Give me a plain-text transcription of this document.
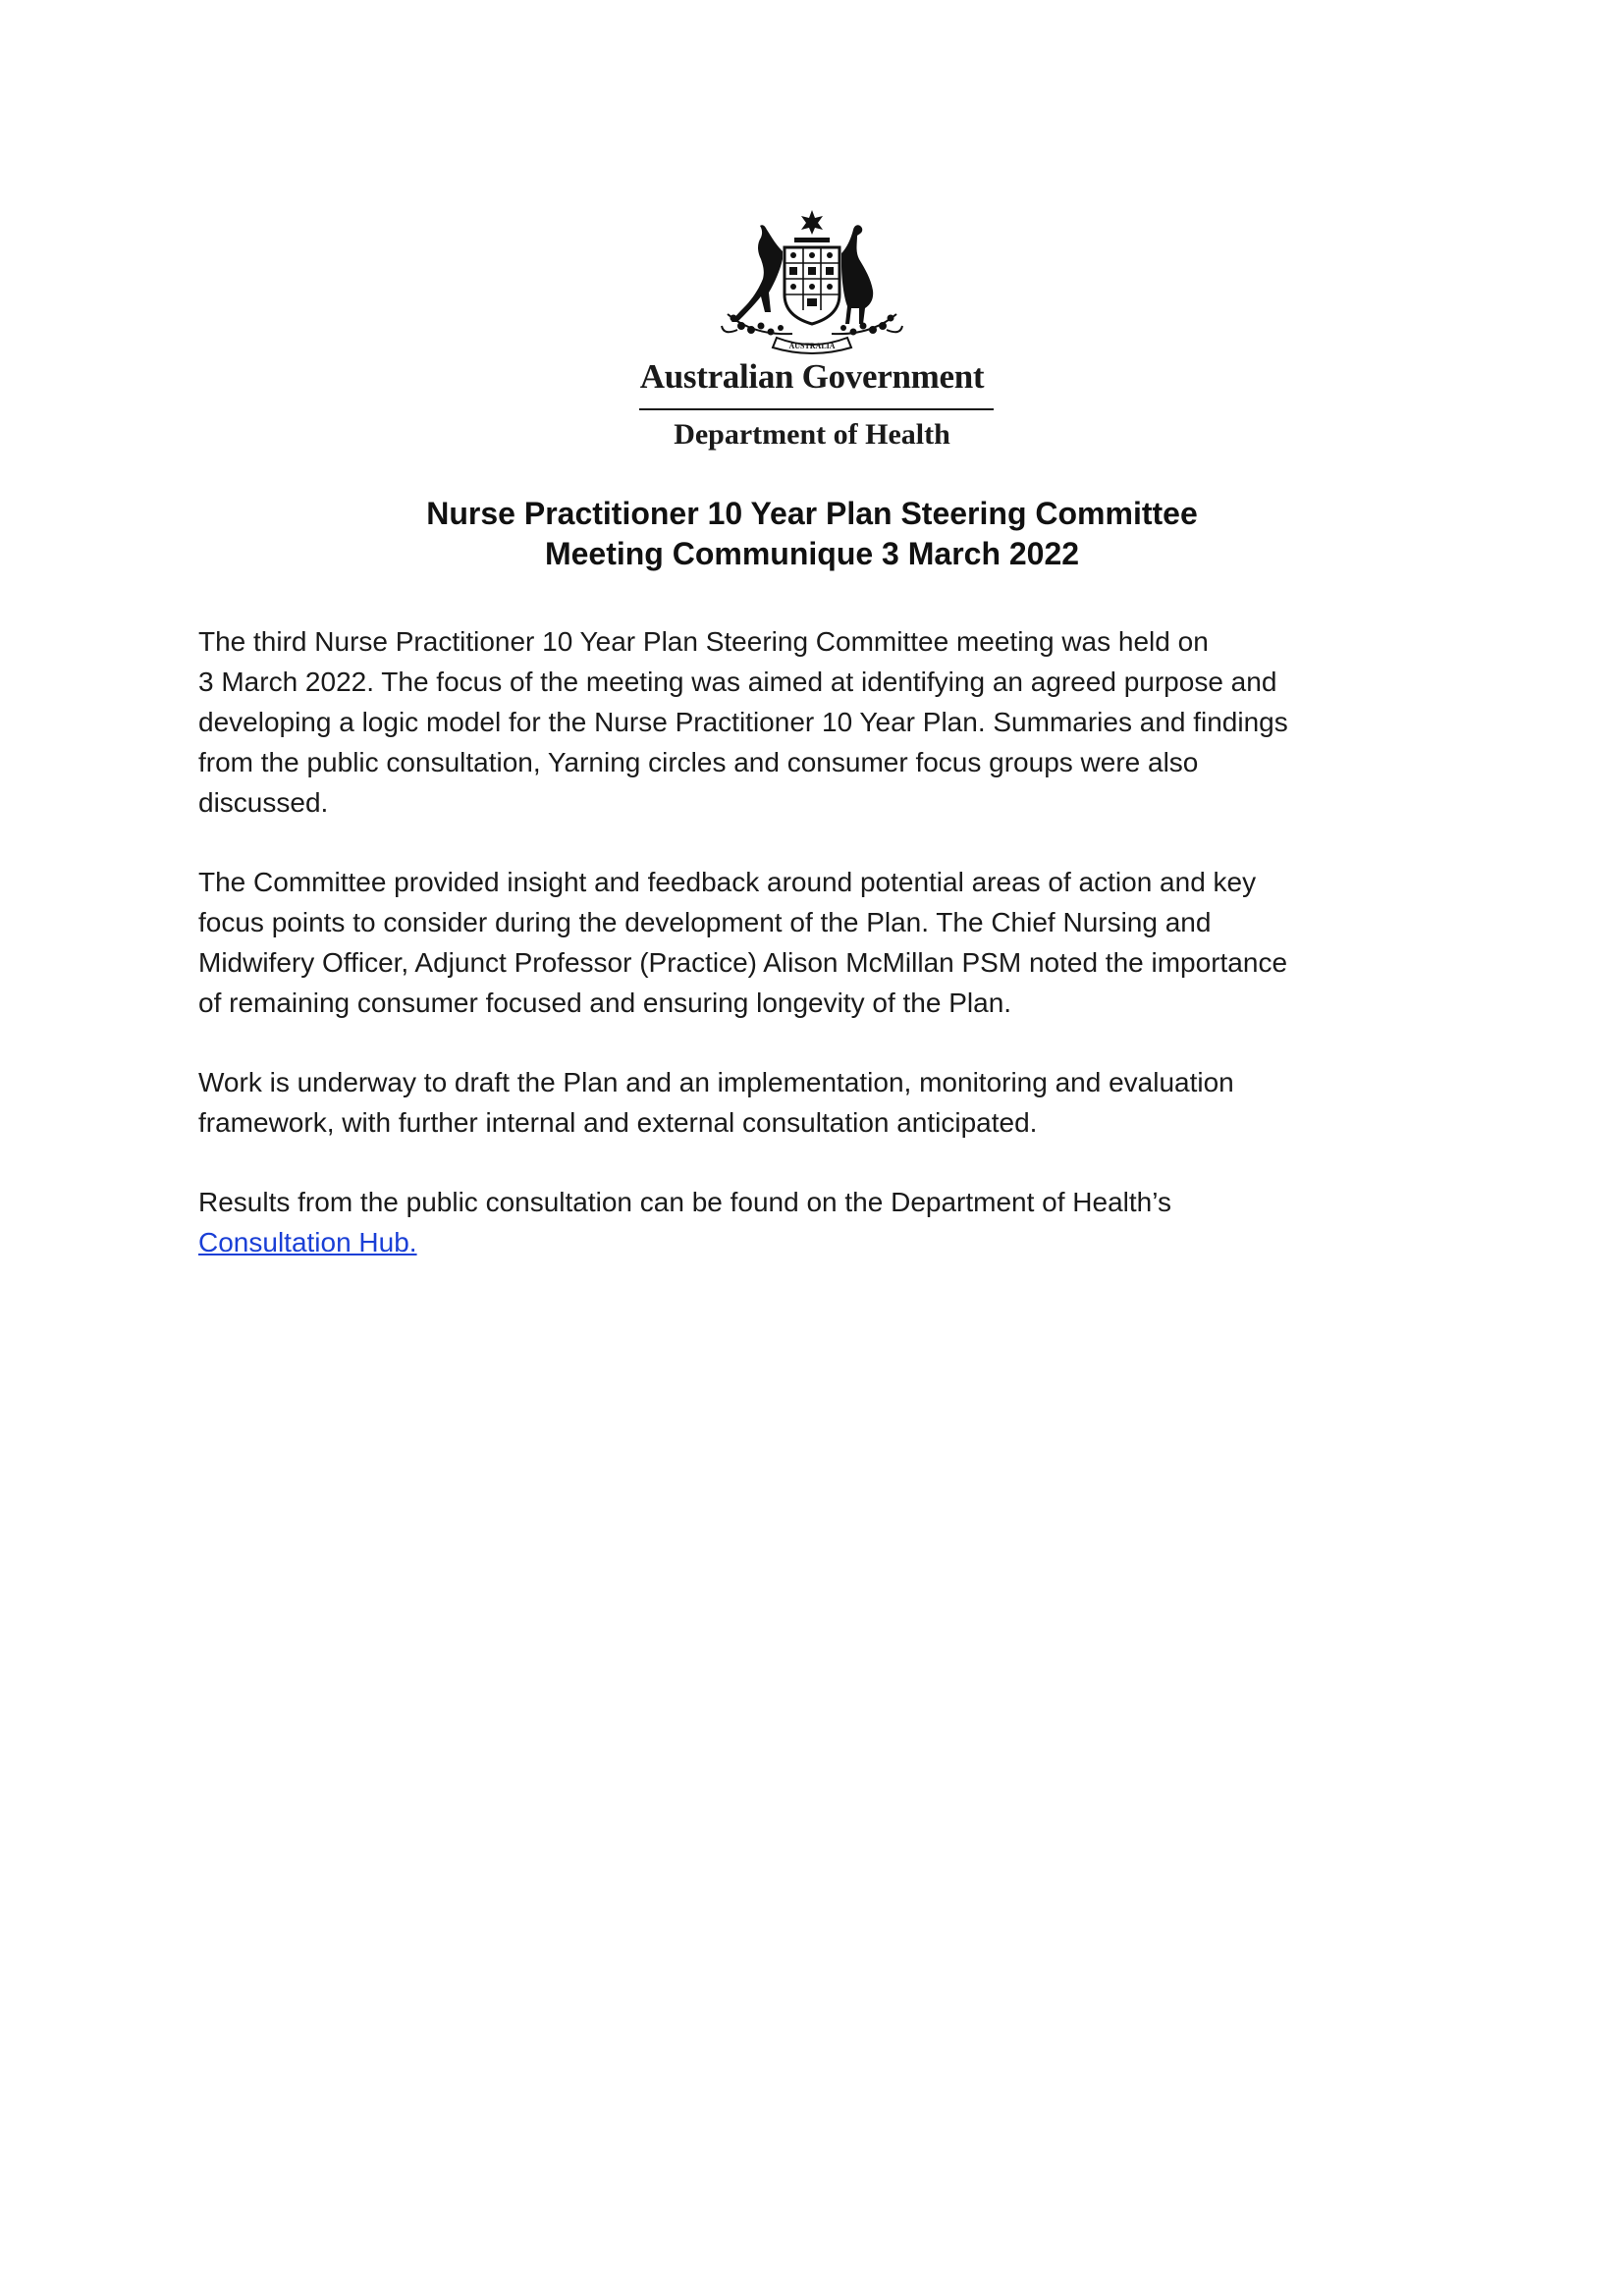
AUSTRALIA
Australian Government
Department of Health
Nurse Practitioner 10 Year Plan Steering Committee
Meeting Communique 3 March 2022
The third Nurse Practitioner 10 Year Plan Steering Committee meeting was held on
3 March 2022. The focus of the meeting was aimed at identifying an agreed purpose and
developing a logic model for the Nurse Practitioner 10 Year Plan. Summaries and findings
from the public consultation, Yarning circles and consumer focus groups were also
discussed.
The Committee provided insight and feedback around potential areas of action and key
focus points to consider during the development of the Plan. The Chief Nursing and
Midwifery Officer, Adjunct Professor (Practice) Alison McMillan PSM noted the importance
of remaining consumer focused and ensuring longevity of the Plan.
Work is underway to draft the Plan and an implementation, monitoring and evaluation
framework, with further internal and external consultation anticipated.
Results from the public consultation can be found on the Department of Health’s
Consultation Hub.
